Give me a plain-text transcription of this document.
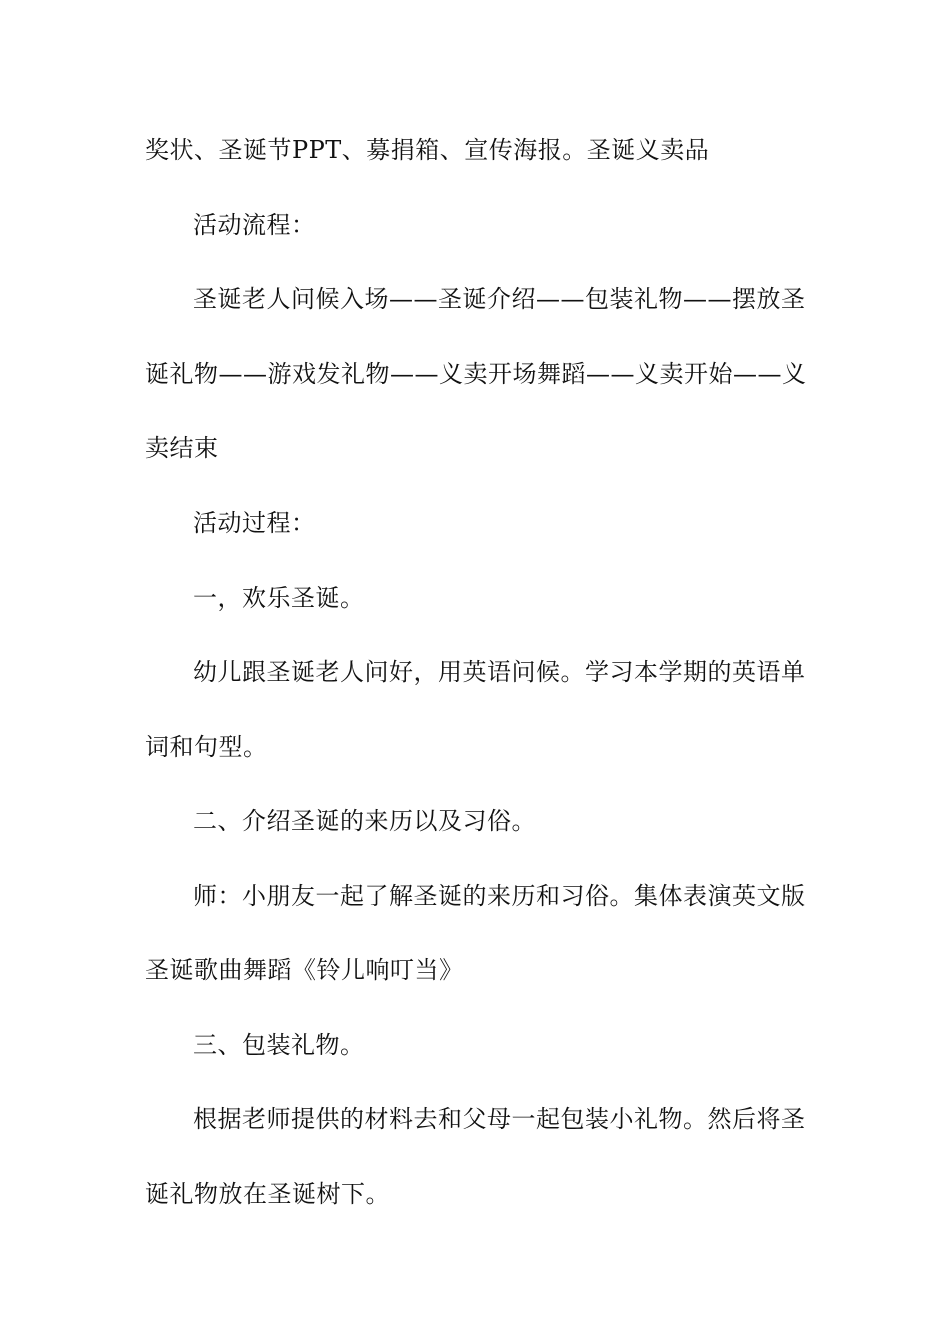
奖状、圣诞节PPT、募捐箱、宣传海报。圣诞义卖品
活动流程：
圣诞老人问候入场——圣诞介绍——包装礼物——摆放圣
诞礼物——游戏发礼物——义卖开场舞蹈——义卖开始——义
卖结束
活动过程：
一，欢乐圣诞。
幼儿跟圣诞老人问好，用英语问候。学习本学期的英语单
词和句型。
二、介绍圣诞的来历以及习俗。
师：小朋友一起了解圣诞的来历和习俗。集体表演英文版
圣诞歌曲舞蹈《铃儿响叮当》
三、包装礼物。
根据老师提供的材料去和父母一起包装小礼物。然后将圣
诞礼物放在圣诞树下。
